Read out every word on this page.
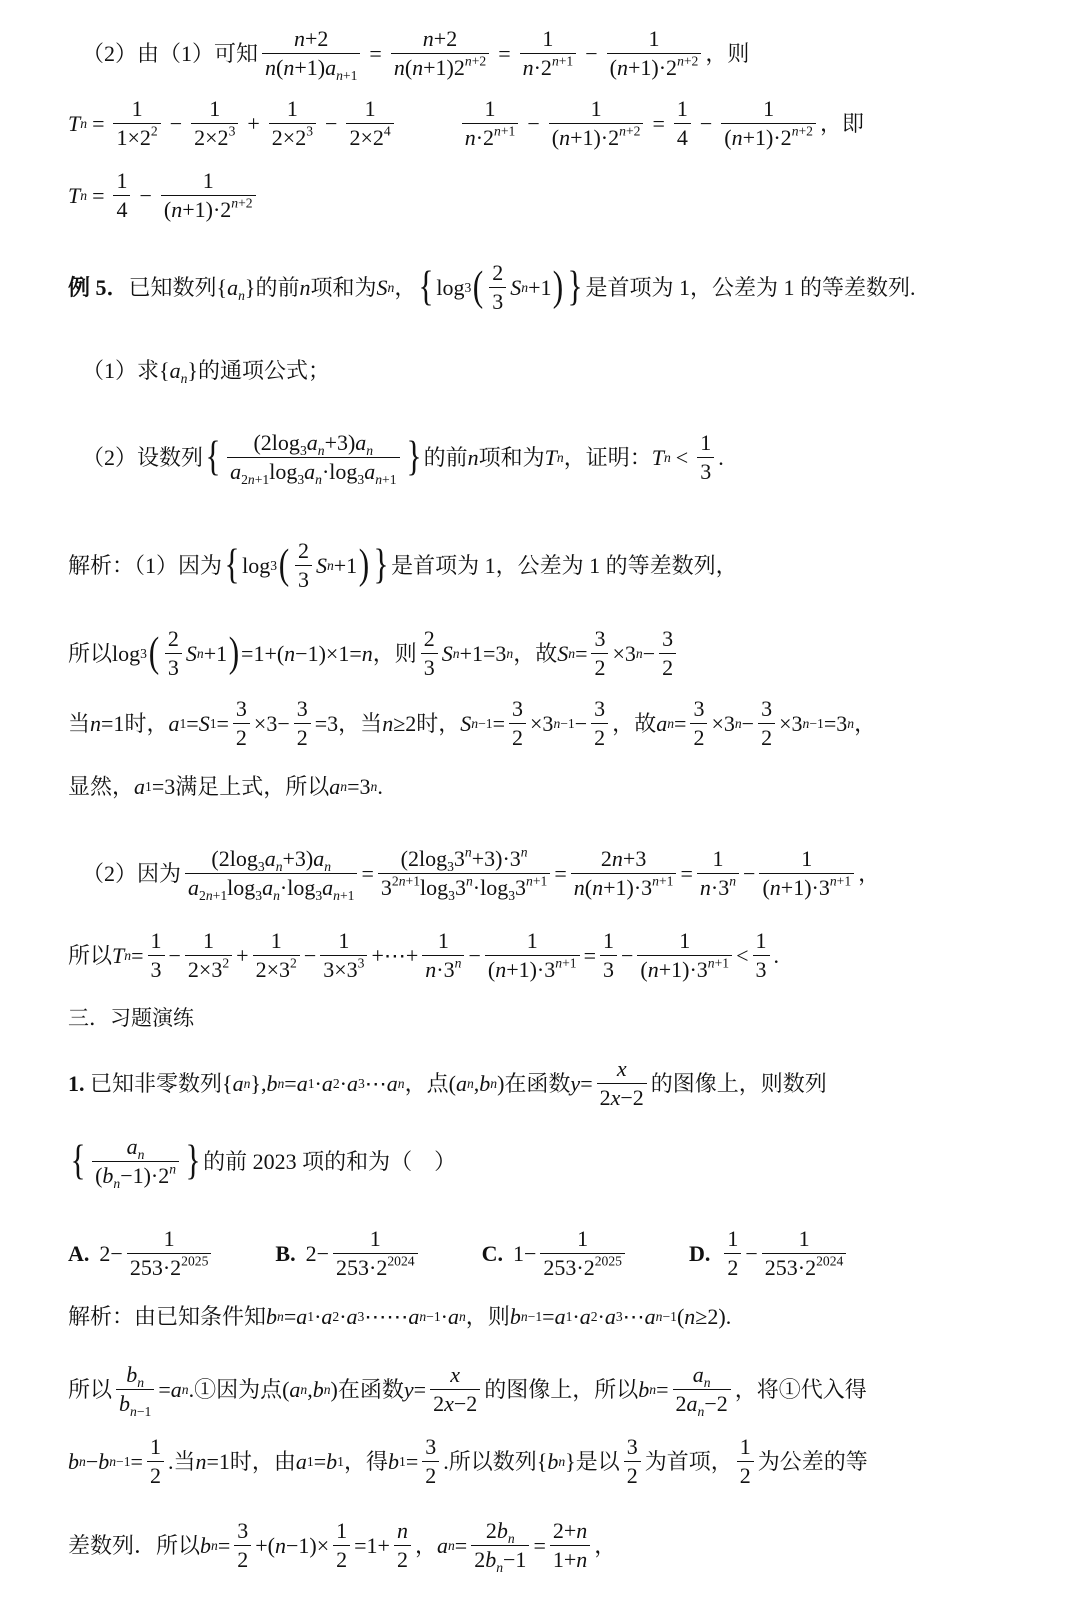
（2）由（1）可知 $\frac{n+2}{n(n+1)a_{n+1}} = \frac{n+2}{n(n+1)2^{n+2}} = \frac{1}{n\cdot 2^{n+1}} - \frac{1}{(n+1)\cdot 2^{n+2}}$ ，则
T $n = \frac{1}{1\times 2^2} - \frac{1}{2\times 2^3} + \frac{1}{2\times 2^3} - \frac{1}{2\times 2^4}$	$\frac{1}{n\cdot 2^{n+1}} - \frac{1}{(n+1)\cdot 2^{n+2}} = \frac{1}{4} - \frac{1}{(n+1)\cdot 2^{n+2}}$ ，即
T $n = \frac{1}{4} - \frac{1}{(n+1)\cdot 2^{n+2}}$
例 5． 已知数列 $\{a_n\}$ 的前 n 项和为 S n ， { log 3 ( $\frac{2}{3}$ S n +1 ) } 是首项为 1，公差为 1 的等差数列.
（1）求 $\{a_n\}$ 的通项公式；
（2）设数列 { $\frac{(2\log_3a_n+3)a_n}{a_{2n+1}\log_3a_n\cdot\log_3a_{n+1}}$ } 的前 n 项和为 T n ，证明： T $n < \frac{1}{3}$ .
解析：（1）因为 { log 3 ( $\frac{2}{3}$ S n +1 ) } 是首项为 1，公差为 1 的等差数列，
所以 log 3 ( $\frac{2}{3}$ S n +1 ) =1+( n −1)×1= n ， 则 $\frac{2}{3}$ S n +1=3 n ， 故 S $n = \frac{3}{2} \times 3$ $n - \frac{3}{2}$
当 n =1 时， a 1 = S $1 = \frac{3}{2} \times 3- \frac{3}{2} =3$， 当 n ≥2 时， S $n-1 = \frac{3}{2} \times 3$ $n-1 - \frac{3}{2}$ ， 故 a $n = \frac{3}{2} \times 3$ $n - \frac{3}{2} \times 3$ n−1 =3 n ，
显然， a 1 =3 满足上式，所以 a n =3 n .
（2）因为 $\frac{(2\log_3a_n+3)a_n}{a_{2n+1}\log_3a_n\cdot\log_3a_{n+1}} = \frac{(2\log_33^n+3)\cdot 3^n}{3^{2n+1}\log_33^n\cdot\log_33^{n+1}} = \frac{2n+3}{n(n+1)\cdot 3^{n+1}} = \frac{1}{n\cdot 3^n} - \frac{1}{(n+1)\cdot 3^{n+1}}$ ，
所以 T $n = \frac{1}{3} - \frac{1}{2\times 3^2} + \frac{1}{2\times 3^2} - \frac{1}{3\times 3^3}$ +⋯+ $\frac{1}{n\cdot 3^n} - \frac{1}{(n+1)\cdot 3^{n+1}} = \frac{1}{3} - \frac{1}{(n+1)\cdot 3^{n+1}} < \frac{1}{3}$ .
三．习题演练
1.
已知非零数列 { a n }, b n = a 1 · a 2 · a 3 ⋯ a n ， 点 ( a n , b n ) 在函数 $y = \frac{x}{2x-2}$ 的图像上，则数列
{ $\frac{a_n}{(b_n-1)\cdot 2^n}$ } 的前 2023 项的和为（　）
A. $2- \frac{1}{253\cdot 2^{2025}}$	B. $2- \frac{1}{253\cdot 2^{2024}}$	C. $1- \frac{1}{253\cdot 2^{2025}}$	D. $\frac{1}{2} - \frac{1}{253\cdot 2^{2024}}$
解析：由已知条件知 b n = a 1 · a 2 · a 3 ⋯⋯ a n−1 · a n ， 则 b n−1 = a 1 · a 2 · a 3 ⋯ a n−1 ( n ≥2).
所以 $\frac{b_n}{b_{n-1}} = a$ n . ①因为点 ( a n , b n ) 在函数 $y = \frac{x}{2x-2}$ 的图像上，所以 b $n = \frac{a_n}{2a_n-2}$ ， 将①代入得
b n − b $n-1 = \frac{1}{2}$ . 当 n =1 时，由 a 1 = b 1 ， 得 b $1 = \frac{3}{2}$ . 所以数列 { b n } 是以 $\frac{3}{2}$ 为首项， $\frac{1}{2}$ 为公差的等
差数列．所以 b $n = \frac{3}{2}$ +( $n -1)\times \frac{1}{2} =1+ \frac{n}{2}$ ， a $n = \frac{2b_n}{2b_n-1} = \frac{2+n}{1+n}$ ，
